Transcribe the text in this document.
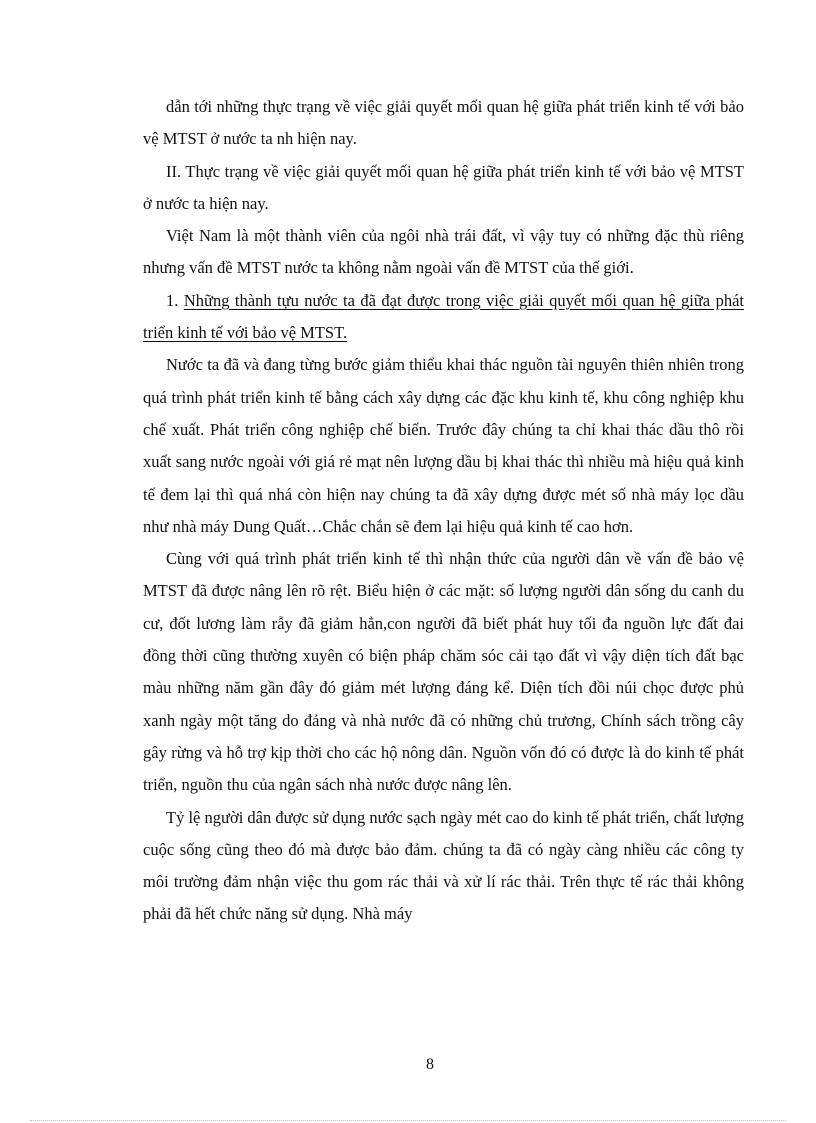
dẫn tới những thực trạng về việc giải quyết mối quan hệ giữa phát triển kinh tế với bảo vệ MTST ở nước ta nh hiện nay.

II. Thực trạng về việc giải quyết mối quan hệ giữa phát triển kinh tế với bảo vệ MTST ở nước ta hiện nay.

Việt Nam là một thành viên của ngôi nhà trái đất, vì vậy tuy có những đặc thù riêng nhưng vấn đề MTST nước ta không nằm ngoài vấn đề MTST của thế giới.

1. Những thành tựu nước ta đã đạt được trong việc giải quyết mối quan hệ giữa phát triển kinh tế với bảo vệ MTST.

Nước ta đã và đang từng bước giảm thiểu khai thác nguồn tài nguyên thiên nhiên trong quá trình phát triển kinh tế bằng cách xây dựng các đặc khu kinh tế, khu công nghiệp khu chế xuất. Phát triển công nghiệp chế biến. Trước đây chúng ta chỉ khai thác dầu thô rồi xuất sang nước ngoài với giá rẻ mạt nên lượng dầu bị khai thác thì nhiều mà hiệu quả kinh tế đem lại thì quá nhá còn hiện nay chúng ta đã xây dựng được mét số nhà máy lọc dầu như nhà máy Dung Quất…Chắc chắn sẽ đem lại hiệu quả kinh tế cao hơn.

Cùng với quá trình phát triển kinh tế thì nhận thức của người dân về vấn đề bảo vệ MTST đã được nâng lên rõ rệt. Biểu hiện ở các mặt: số lượng người dân sống du canh du cư, đốt lương làm rẫy đã giảm hẳn,con người đã biết phát huy tối đa nguồn lực đất đai đồng thời cũng thường xuyên có biện pháp chăm sóc cải tạo đất vì vậy diện tích đất bạc màu những năm gần đây đó giảm mét lượng đáng kể. Diện tích đồi núi chọc được phủ xanh ngày một tăng do đảng và nhà nước đã có những chủ trương, Chính sách trồng cây gây rừng và hỗ trợ kịp thời cho các hộ nông dân. Nguồn vốn đó có được là do kinh tế phát triển, nguồn thu của ngân sách nhà nước được nâng lên.

Tỷ lệ người dân được sử dụng nước sạch ngày mét cao do kinh tế phát triển, chất lượng cuộc sống cũng theo đó mà được bảo đảm. chúng ta đã có ngày càng nhiều các công ty môi trường đảm nhận việc thu gom rác thải và xử lí rác thải. Trên thực tế rác thải không phải đã hết chức năng sử dụng. Nhà máy

8
